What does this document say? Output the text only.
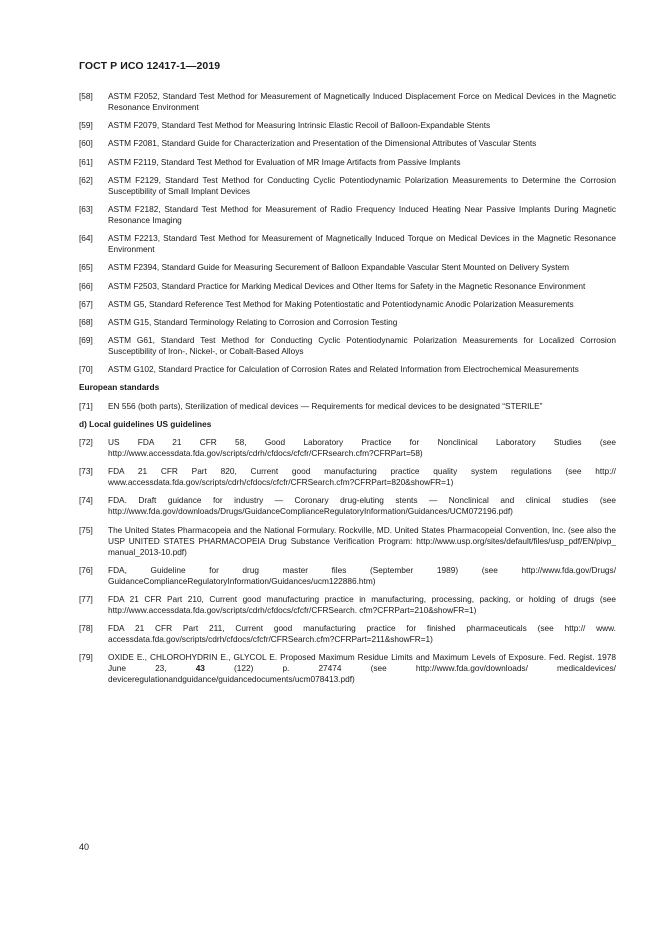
ГОСТ Р ИСО 12417-1—2019
[58]	ASTM F2052, Standard Test Method for Measurement of Magnetically Induced Displacement Force on Medical Devices in the Magnetic Resonance Environment
[59]	ASTM F2079, Standard Test Method for Measuring Intrinsic Elastic Recoil of Balloon-Expandable Stents
[60]	ASTM F2081, Standard Guide for Characterization and Presentation of the Dimensional Attributes of Vascular Stents
[61]	ASTM F2119, Standard Test Method for Evaluation of MR Image Artifacts from Passive Implants
[62]	ASTM F2129, Standard Test Method for Conducting Cyclic Potentiodynamic Polarization Measurements to Determine the Corrosion Susceptibility of Small Implant Devices
[63]	ASTM F2182, Standard Test Method for Measurement of Radio Frequency Induced Heating Near Passive Implants During Magnetic Resonance Imaging
[64]	ASTM F2213, Standard Test Method for Measurement of Magnetically Induced Torque on Medical Devices in the Magnetic Resonance Environment
[65]	ASTM F2394, Standard Guide for Measuring Securement of Balloon Expandable Vascular Stent Mounted on Delivery System
[66]	ASTM F2503, Standard Practice for Marking Medical Devices and Other Items for Safety in the Magnetic Resonance Environment
[67]	ASTM G5, Standard Reference Test Method for Making Potentiostatic and Potentiodynamic Anodic Polarization Measurements
[68]	ASTM G15, Standard Terminology Relating to Corrosion and Corrosion Testing
[69]	ASTM G61, Standard Test Method for Conducting Cyclic Potentiodynamic Polarization Measurements for Localized Corrosion Susceptibility of Iron-, Nickel-, or Cobalt-Based Alloys
[70]	ASTM G102, Standard Practice for Calculation of Corrosion Rates and Related Information from Electrochemical Measurements
European standards
[71]	EN 556 (both parts), Sterilization of medical devices — Requirements for medical devices to be designated “STERILE”
d) Local guidelines US guidelines
[72]	US FDA 21 CFR 58, Good Laboratory Practice for Nonclinical Laboratory Studies (see http://www.accessdata.fda.gov/scripts/cdrh/cfdocs/cfcfr/CFRsearch.cfm?CFRPart=58)
[73]	FDA 21 CFR Part 820, Current good manufacturing practice quality system regulations (see http:// www.accessdata.fda.gov/scripts/cdrh/cfdocs/cfcfr/CFRSearch.cfm?CFRPart=820&showFR=1)
[74]	FDA. Draft guidance for industry — Coronary drug-eluting stents — Nonclinical and clinical studies (see http://www.fda.gov/downloads/Drugs/GuidanceComplianceRegulatoryInformation/Guidances/UCM072196.pdf)
[75]	The United States Pharmacopeia and the National Formulary. Rockville, MD. United States Pharmacopeial Convention, Inc. (see also the USP UNITED STATES PHARMACOPEIA Drug Substance Verification Program: http://www.usp.org/sites/default/files/usp_pdf/EN/pivp_ manual_2013-10.pdf)
[76]	FDA, Guideline for drug master files (September 1989) (see http://www.fda.gov/Drugs/ GuidanceComplianceRegulatoryInformation/Guidances/ucm122886.htm)
[77]	FDA 21 CFR Part 210, Current good manufacturing practice in manufacturing, processing, packing, or holding of drugs (see http://www.accessdata.fda.gov/scripts/cdrh/cfdocs/cfcfr/CFRSearch. cfm?CFRPart=210&showFR=1)
[78]	FDA 21 CFR Part 211, Current good manufacturing practice for finished pharmaceuticals (see http:// www. accessdata.fda.gov/scripts/cdrh/cfdocs/cfcfr/CFRSearch.cfm?CFRPart=211&showFR=1)
[79]	OXIDE E., CHLOROHYDRIN E., GLYCOL E. Proposed Maximum Residue Limits and Maximum Levels of Exposure. Fed. Regist. 1978 June 23, 43 (122) p. 27474 (see http://www.fda.gov/downloads/ medicaldevices/ deviceregulationandguidance/guidancedocuments/ucm078413.pdf)
40
